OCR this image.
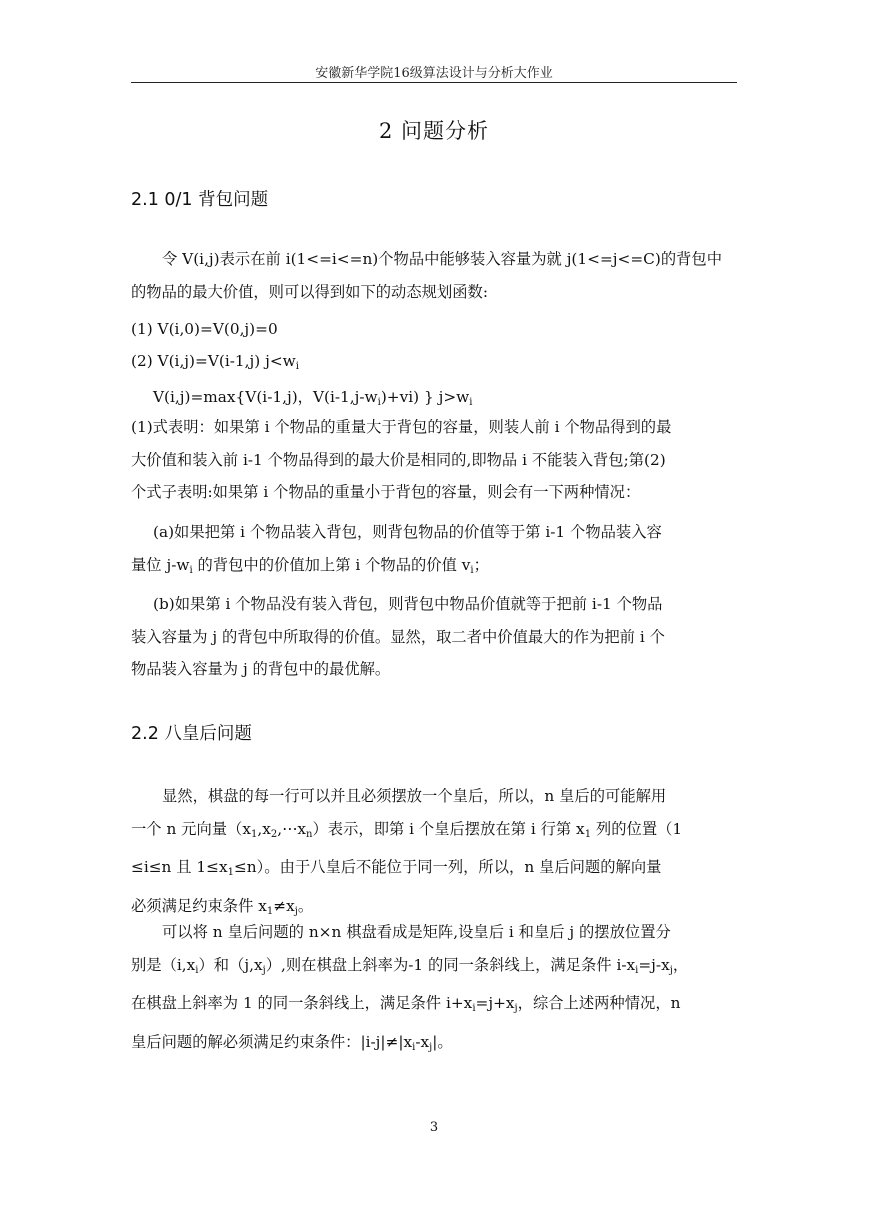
安徽新华学院16级算法设计与分析大作业
2 问题分析
2.1 0/1 背包问题
令 V(i,j)表示在前 i(1<=i<=n)个物品中能够装入容量为就 j(1<=j<=C)的背包中
的物品的最大价值，则可以得到如下的动态规划函数:
(1) V(i,0)=V(0,j)=0
(2) V(i,j)=V(i-1,j) $j<w_i$
V(i,j)=max{V(i-1,j)，$V(i-1,j-w_i)+vi$) } $j>w_i$
(1)式表明：如果第 i 个物品的重量大于背包的容量，则装人前 i 个物品得到的最
大价值和装入前 i-1 个物品得到的最大价是相同的,即物品 i 不能装入背包;第(2)
个式子表明:如果第 i 个物品的重量小于背包的容量，则会有一下两种情况：
(a)如果把第 i 个物品装入背包，则背包物品的价值等于第 i-1 个物品装入容
量位 $j-w_i$ 的背包中的价值加上第 i 个物品的价值 $v_i$；
(b)如果第 i 个物品没有装入背包，则背包中物品价值就等于把前 i-1 个物品
装入容量为 j 的背包中所取得的价值。显然，取二者中价值最大的作为把前 i 个
物品装入容量为 j 的背包中的最优解。
2.2 八皇后问题
显然，棋盘的每一行可以并且必须摆放一个皇后，所以，n 皇后的可能解用
一个 n 元向量$(x_1,x_2,\cdots x_n)$表示，即第 i 个皇后摆放在第 i 行第 $x_1$ 列的位置（1
≤i≤n 且 $1\le x_1\le n$）。由于八皇后不能位于同一列，所以，n 皇后问题的解向量
必须满足约束条件 $x_1\ne x_j$。
可以将 n 皇后问题的 n×n 棋盘看成是矩阵,设皇后 i 和皇后 j 的摆放位置分
别是$(i,x_i)$和$(j,x_j)$,则在棋盘上斜率为-1 的同一条斜线上，满足条件 $i-x_i=j-x_j$，
在棋盘上斜率为 1 的同一条斜线上，满足条件 $i+x_i=j+x_j$，综合上述两种情况，n
皇后问题的解必须满足约束条件：$|i-j|\ne|x_i-x_j|$。
3
